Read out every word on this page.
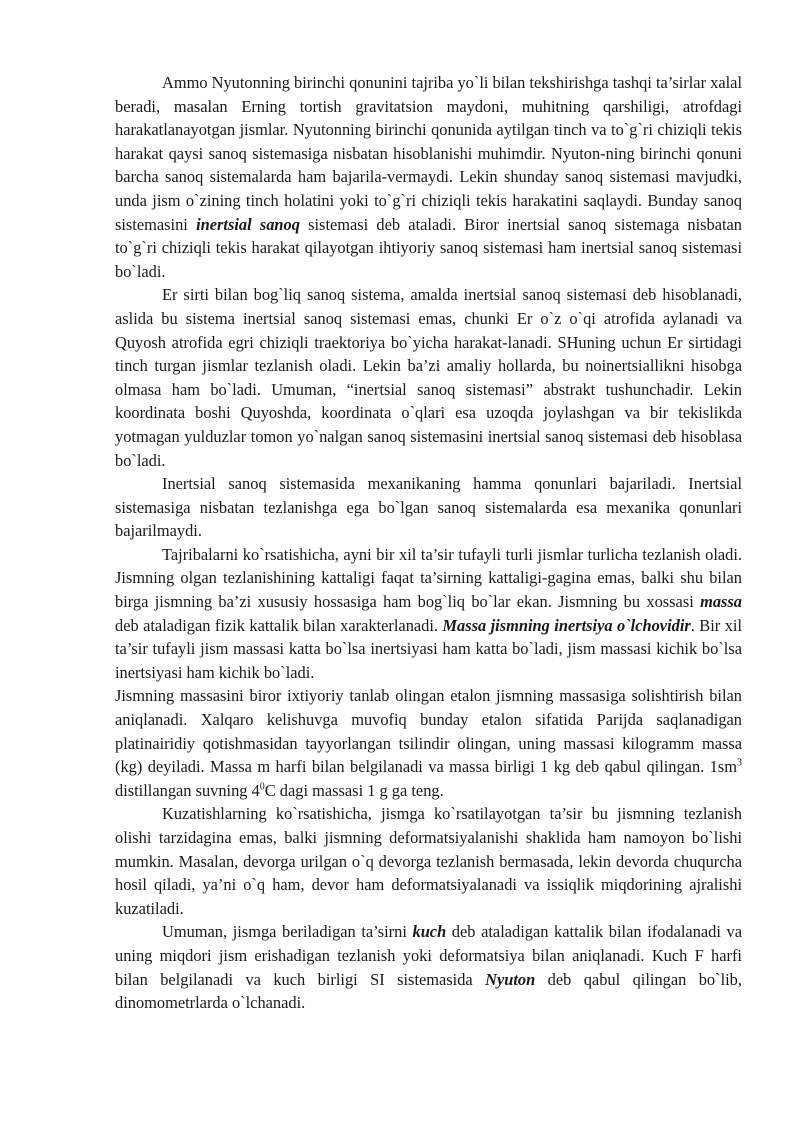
Ammo Nyutonning birinchi qonunini tajriba yo`li bilan tekshirishga tashqi ta’sirlar xalal beradi, masalan Erning tortish gravitatsion maydoni, muhitning qarshiligi, atrofdagi harakatlanayotgan jismlar. Nyutonning birinchi qonunida aytilgan tinch va to`g`ri chiziqli tekis harakat qaysi sanoq sistemasiga nisbatan hisoblanishi muhimdir. Nyuton-ning birinchi qonuni barcha sanoq sistemalarda ham bajarila-vermaydi. Lekin shunday sanoq sistemasi mavjudki, unda jism o`zining tinch holatini yoki to`g`ri chiziqli tekis harakatini saqlaydi. Bunday sanoq sistemasini inertsial sanoq sistemasi deb ataladi. Biror inertsial sanoq sistemaga nisbatan to`g`ri chiziqli tekis harakat qilayotgan ihtiyoriy sanoq sistemasi ham inertsial sanoq sistemasi bo`ladi.

Er sirti bilan bog`liq sanoq sistema, amalda inertsial sanoq sistemasi deb hisoblanadi, aslida bu sistema inertsial sanoq sistemasi emas, chunki Er o`z o`qi atrofida aylanadi va Quyosh atrofida egri chiziqli traektoriya bo`yicha harakat-lanadi. SHuning uchun Er sirtidagi tinch turgan jismlar tezlanish oladi. Lekin ba’zi amaliy hollarda, bu noinertsiallikni hisobga olmasa ham bo`ladi. Umuman, “inertsial sanoq sistemasi” abstrakt tushunchadir. Lekin koordinata boshi Quyoshda, koordinata o`qlari esa uzoqda joylashgan va bir tekislikda yotmagan yulduzlar tomon yo`nalgan sanoq sistemasini inertsial sanoq sistemasi deb hisoblasa bo`ladi.

Inertsial sanoq sistemasida mexanikaning hamma qonunlari bajariladi. Inertsial sistemasiga nisbatan tezlanishga ega bo`lgan sanoq sistemalarda esa mexanika qonunlari bajarilmaydi.

Tajribalarni ko`rsatishicha, ayni bir xil ta’sir tufayli turli jismlar turlicha tezlanish oladi. Jismning olgan tezlanishining kattaligi faqat ta’sirning kattaligi-gagina emas, balki shu bilan birga jismning ba’zi xususiy hossasiga ham bog`liq bo`lar ekan. Jismning bu xossasi massa deb ataladigan fizik kattalik bilan xarakterlanadi. Massa jismning inertsiya o`lchovidir. Bir xil ta’sir tufayli jism massasi katta bo`lsa inertsiyasi ham katta bo`ladi, jism massasi kichik bo`lsa inertsiyasi ham kichik bo`ladi.

Jismning massasini biror ixtiyoriy tanlab olingan etalon jismning massasiga solishtirish bilan aniqlanadi. Xalqaro kelishuvga muvofiq bunday etalon sifatida Parijda saqlanadigan platinairidiy qotishmasidan tayyorlangan tsilindir olingan, uning massasi kilogramm massa (kg) deyiladi. Massa m harfi bilan belgilanadi va massa birligi 1 kg deb qabul qilingan. $1sm^3$ distillangan suvning $4^0C$ dagi massasi 1 g ga teng.

Kuzatishlarning ko`rsatishicha, jismga ko`rsatilayotgan ta’sir bu jismning tezlanish olishi tarzidagina emas, balki jismning deformatsiyalanishi shaklida ham namoyon bo`lishi mumkin. Masalan, devorga urilgan o`q devorga tezlanish bermasada, lekin devorda chuqurcha hosil qiladi, ya’ni o`q ham, devor ham deformatsiyalanadi va issiqlik miqdorining ajralishi kuzatiladi.

Umuman, jismga beriladigan ta’sirni kuch deb ataladigan kattalik bilan ifodalanadi va uning miqdori jism erishadigan tezlanish yoki deformatsiya bilan aniqlanadi. Kuch F harfi bilan belgilanadi va kuch birligi SI sistemasida Nyuton deb qabul qilingan bo`lib, dinomometrlarda o`lchanadi.
